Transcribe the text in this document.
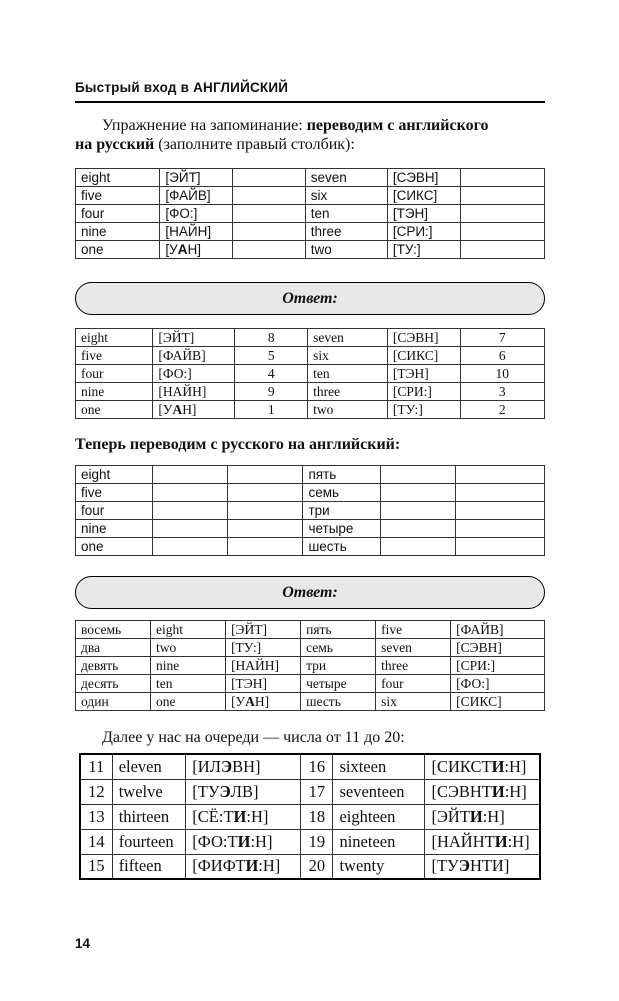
Быстрый вход в АНГЛИЙСКИЙ

Упражнение на запоминание: переводим с английского
на русский (заполните правый столбик):

eight	[ЭЙТ]		seven	[СЭВН]	
five	[ФАЙВ]		six	[СИКС]	
four	[ФО:]		ten	[ТЭН]	
nine	[НАЙН]		three	[СРИ:]	
one	[УАН]		two	[ТУ:]	
Ответ:
eight	[ЭЙТ]	8	seven	[СЭВН]	7
five	[ФАЙВ]	5	six	[СИКС]	6
four	[ФО:]	4	ten	[ТЭН]	10
nine	[НАЙН]	9	three	[СРИ:]	3
one	[УАН]	1	two	[ТУ:]	2

Теперь переводим с русского на английский:

eight			пять		
five			семь		
four			три		
nine			четыре		
one			шесть		
Ответ:
восемь	eight	[ЭЙТ]	пять	five	[ФАЙВ]
два	two	[ТУ:]	семь	seven	[СЭВН]
девять	nine	[НАЙН]	три	three	[СРИ:]
десять	ten	[ТЭН]	четыре	four	[ФО:]
один	one	[УАН]	шесть	six	[СИКС]

Далее у нас на очереди — числа от 11 до 20:

11	eleven	[ИЛЭВН]	16	sixteen	[СИКСТИ:Н]
12	twelve	[ТУЭЛВ]	17	seventeen	[СЭВНТИ:Н]
13	thirteen	[СЁ:ТИ:Н]	18	eighteen	[ЭЙТИ:Н]
14	fourteen	[ФО:ТИ:Н]	19	nineteen	[НАЙНТИ:Н]
15	fifteen	[ФИФТИ:Н]	20	twenty	[ТУЭНТИ]
14
